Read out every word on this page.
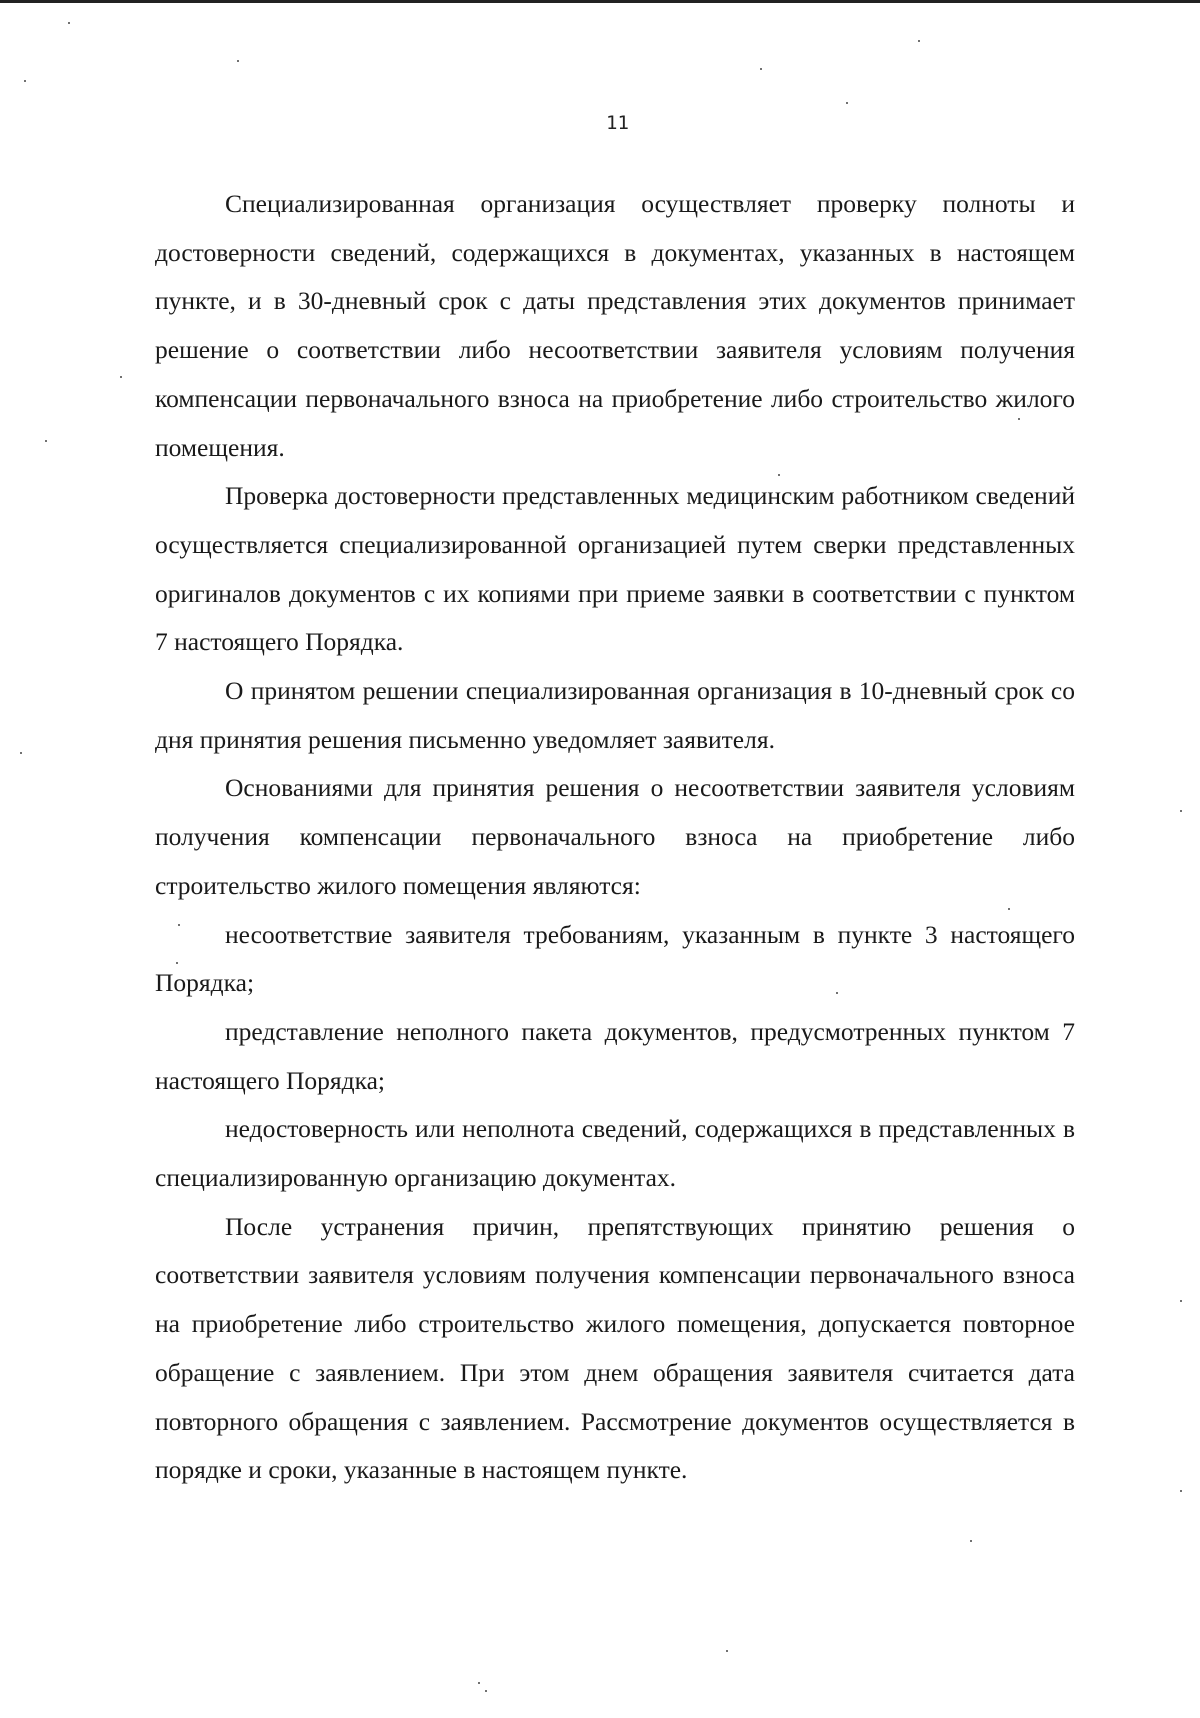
11

Специализированная организация осуществляет проверку полноты и достоверности сведений, содержащихся в документах, указанных в настоящем пункте, и в 30-дневный срок с даты представления этих документов принимает решение о соответствии либо несоответствии заявителя условиям получения компенсации первоначального взноса на приобретение либо строительство жилого помещения.

Проверка достоверности представленных медицинским работником сведений осуществляется специализированной организацией путем сверки представленных оригиналов документов с их копиями при приеме заявки в соответствии с пунктом 7 настоящего Порядка.

О принятом решении специализированная организация в 10-дневный срок со дня принятия решения письменно уведомляет заявителя.

Основаниями для принятия решения о несоответствии заявителя условиям получения компенсации первоначального взноса на приобретение либо строительство жилого помещения являются:

несоответствие заявителя требованиям, указанным в пункте 3 настоящего Порядка;

представление неполного пакета документов, предусмотренных пунктом 7 настоящего Порядка;

недостоверность или неполнота сведений, содержащихся в представленных в специализированную организацию документах.

После устранения причин, препятствующих принятию решения о соответствии заявителя условиям получения компенсации первоначального взноса на приобретение либо строительство жилого помещения, допускается повторное обращение с заявлением. При этом днем обращения заявителя считается дата повторного обращения с заявлением. Рассмотрение документов осуществляется в порядке и сроки, указанные в настоящем пункте.
